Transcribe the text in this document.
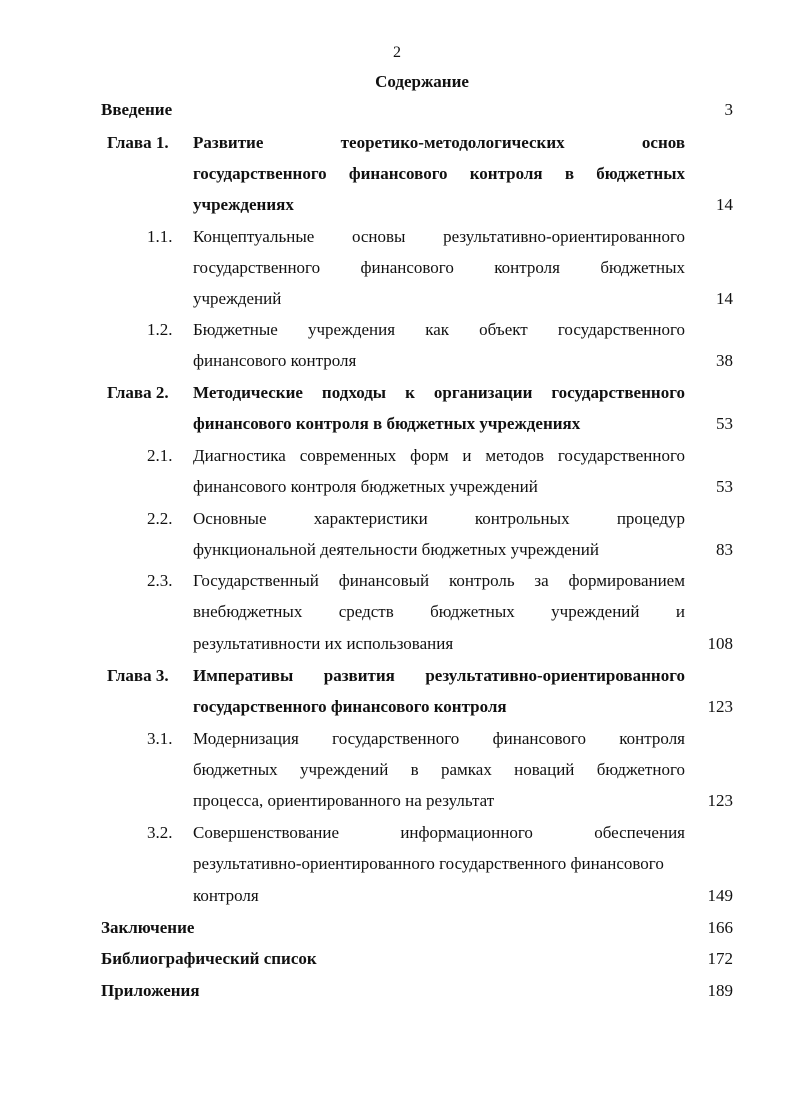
2
Содержание
Введение	3
Глава 1. Развитие теоретико-методологических основ
государственного финансового контроля в бюджетных
учреждениях	14
1.1. Концептуальные основы результативно-ориентированного
государственного финансового контроля бюджетных
учреждений	14
1.2. Бюджетные учреждения как объект государственного
финансового контроля	38
Глава 2. Методические подходы к организации государственного
финансового контроля в бюджетных учреждениях	53
2.1. Диагностика современных форм и методов государственного
финансового контроля бюджетных учреждений	53
2.2. Основные характеристики контрольных процедур
функциональной деятельности бюджетных учреждений	83
2.3. Государственный финансовый контроль за формированием
внебюджетных средств бюджетных учреждений и
результативности их использования	108
Глава 3. Императивы развития результативно-ориентированного
государственного финансового контроля	123
3.1. Модернизация государственного финансового контроля
бюджетных учреждений в рамках новаций бюджетного
процесса, ориентированного на результат	123
3.2. Совершенствование информационного обеспечения
результативно-ориентированного государственного финансового
контроля	149
Заключение	166
Библиографический список	172
Приложения	189
